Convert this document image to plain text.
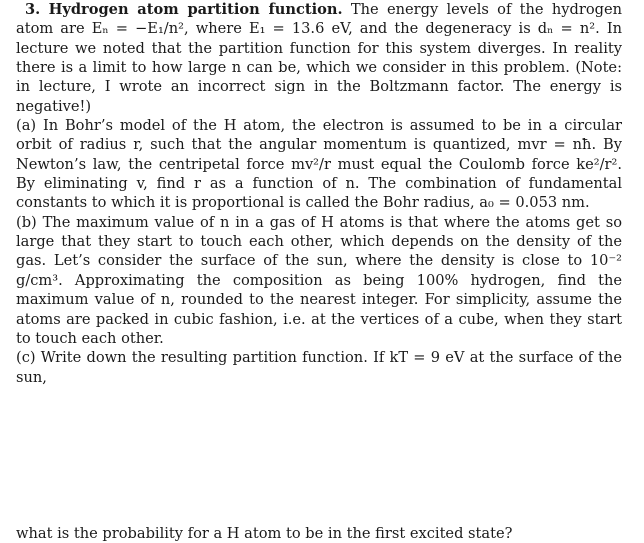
3. Hydrogen atom partition function. The energy levels of the hydrogen atom are Eₙ = −E₁/n², where E₁ = 13.6 eV, and the degeneracy is dₙ = n². In lecture we noted that the partition function for this system diverges. In reality there is a limit to how large n can be, which we consider in this problem. (Note: in lecture, I wrote an incorrect sign in the Boltzmann factor. The energy is negative!)

(a) In Bohr’s model of the H atom, the electron is assumed to be in a circular orbit of radius r, such that the angular momentum is quantized, mvr = nħ. By Newton’s law, the centripetal force mv²/r must equal the Coulomb force ke²/r². By eliminating v, find r as a function of n. The combination of fundamental constants to which it is proportional is called the Bohr radius, a₀ = 0.053 nm.

(b) The maximum value of n in a gas of H atoms is that where the atoms get so large that they start to touch each other, which depends on the density of the gas. Let’s consider the surface of the sun, where the density is close to 10⁻² g/cm³. Approximating the composition as being 100% hydrogen, find the maximum value of n, rounded to the nearest integer. For simplicity, assume the atoms are packed in cubic fashion, i.e. at the vertices of a cube, when they start to touch each other.

(c) Write down the resulting partition function. If kT = 9 eV at the surface of the sun,

what is the probability for a H atom to be in the first excited state?
